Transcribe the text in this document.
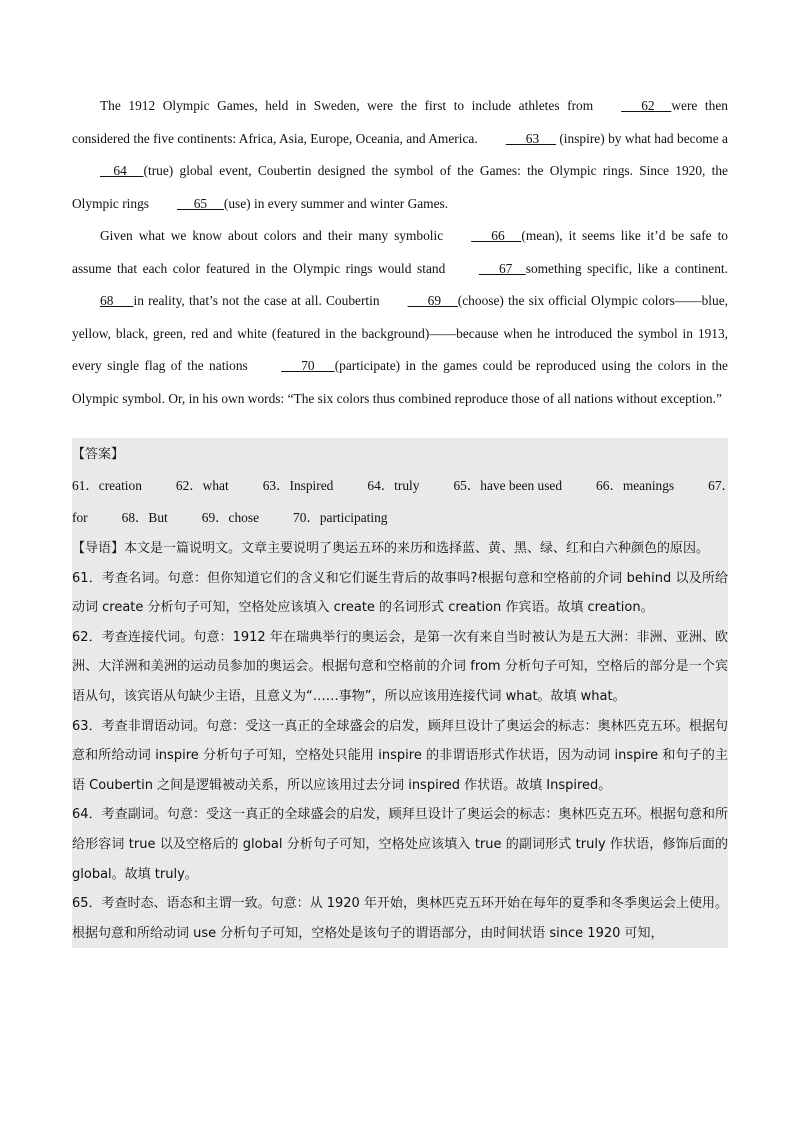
The 1912 Olympic Games, held in Sweden, were the first to include athletes from      62     were then considered the five continents: Africa, Asia, Europe, Oceania, and America.      63      (inspire) by what had become a    64     (true) global event, Coubertin designed the symbol of the Games: the Olympic rings. Since 1920, the Olympic rings     65     (use) in every summer and winter Games.

Given what we know about colors and their many symbolic      66     (mean), it seems like it’d be safe to assume that each color featured in the Olympic rings would stand       67    something specific, like a continent. 68      in reality, that’s not the case at all. Coubertin      69     (choose) the six official Olympic colors——blue, yellow, black, green, red and white (featured in the background)——because when he introduced the symbol in 1913, every single flag of the nations       70      (participate) in the games could be reproduced using the colors in the Olympic symbol. Or, in his own words: “The six colors thus combined reproduce those of all nations without exception.”

【答案】
61．creation	62．what	63．Inspired	64．truly	65．have been used	66．meanings	67．
for	68．But	69．chose	70．participating

【导语】本文是一篇说明文。文章主要说明了奥运五环的来历和选择蓝、黄、黑、绿、红和白六种颜色的原因。

61．考查名词。句意：但你知道它们的含义和它们诞生背后的故事吗?根据句意和空格前的介词 behind 以及所给动词 create 分析句子可知，空格处应该填入 create 的名词形式 creation 作宾语。故填 creation。

62．考查连接代词。句意：1912 年在瑞典举行的奥运会，是第一次有来自当时被认为是五大洲：非洲、亚洲、欧洲、大洋洲和美洲的运动员参加的奥运会。根据句意和空格前的介词 from 分析句子可知，空格后的部分是一个宾语从句，该宾语从句缺少主语，且意义为“……事物”，所以应该用连接代词 what。故填 what。

63．考查非谓语动词。句意：受这一真正的全球盛会的启发，顾拜旦设计了奥运会的标志：奥林匹克五环。根据句意和所给动词 inspire 分析句子可知，空格处只能用 inspire 的非谓语形式作状语，因为动词 inspire 和句子的主语 Coubertin 之间是逻辑被动关系，所以应该用过去分词 inspired 作状语。故填 Inspired。

64．考查副词。句意：受这一真正的全球盛会的启发，顾拜旦设计了奥运会的标志：奥林匹克五环。根据句意和所给形容词 true 以及空格后的 global 分析句子可知，空格处应该填入 true 的副词形式 truly 作状语，修饰后面的 global。故填 truly。

65．考查时态、语态和主谓一致。句意：从 1920 年开始，奥林匹克五环开始在每年的夏季和冬季奥运会上使用。根据句意和所给动词 use 分析句子可知，空格处是该句子的谓语部分，由时间状语 since 1920 可知，
